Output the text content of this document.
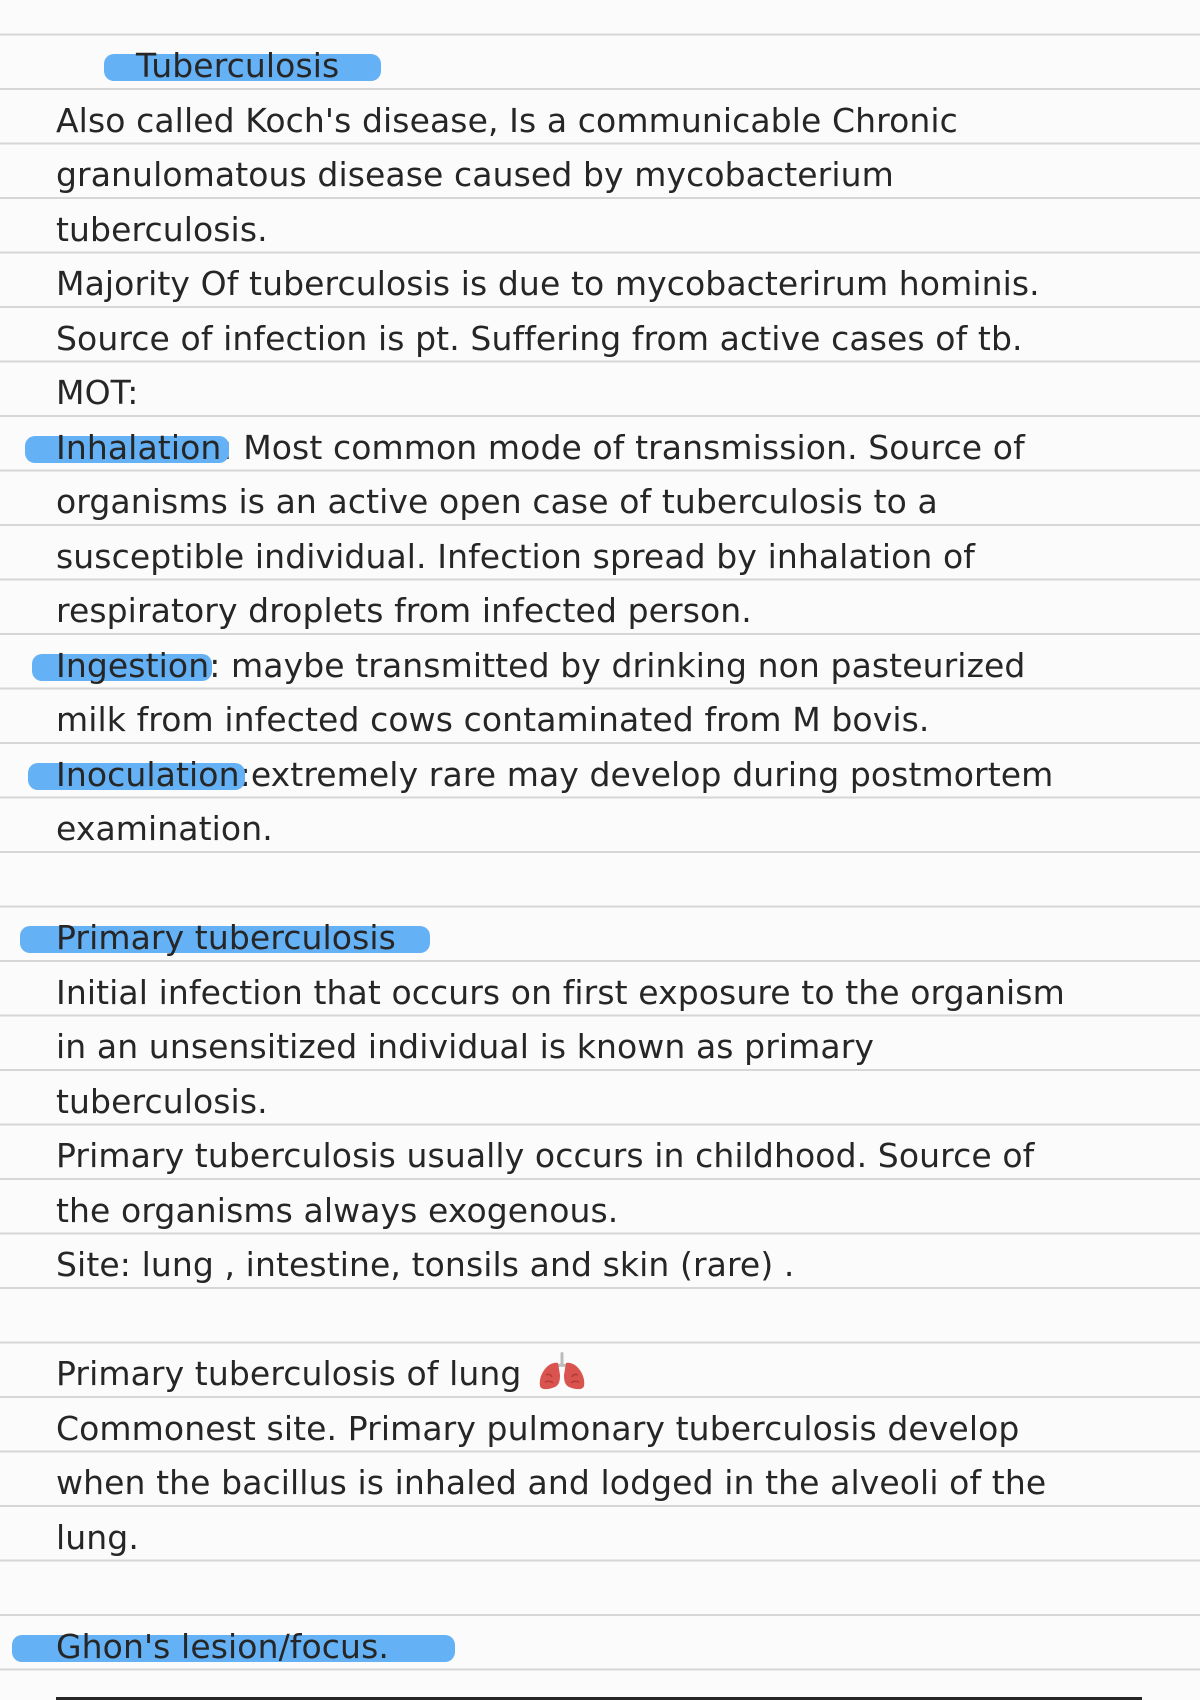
Tuberculosis
Also called Koch's disease, Is a communicable Chronic
granulomatous disease caused by mycobacterium
tuberculosis.
Majority Of tuberculosis is due to mycobacterirum hominis.
Source of infection is pt. Suffering from active cases of tb.
MOT:
Inhalation: Most common mode of transmission. Source of
organisms is an active open case of tuberculosis to a
susceptible individual. Infection spread by inhalation of
respiratory droplets from infected person.
Ingestion: maybe transmitted by drinking non pasteurized
milk from infected cows contaminated from M bovis.
Inoculation:extremely rare may develop during postmortem
examination.
Primary tuberculosis
Initial infection that occurs on first exposure to the organism
in an unsensitized individual is known as primary
tuberculosis.
Primary tuberculosis usually occurs in childhood. Source of
the organisms always exogenous.
Site: lung , intestine, tonsils and skin (rare) .
Primary tuberculosis of lung
Commonest site. Primary pulmonary tuberculosis develop
when the bacillus is inhaled and lodged in the alveoli of the
lung.
Ghon's lesion/focus.
